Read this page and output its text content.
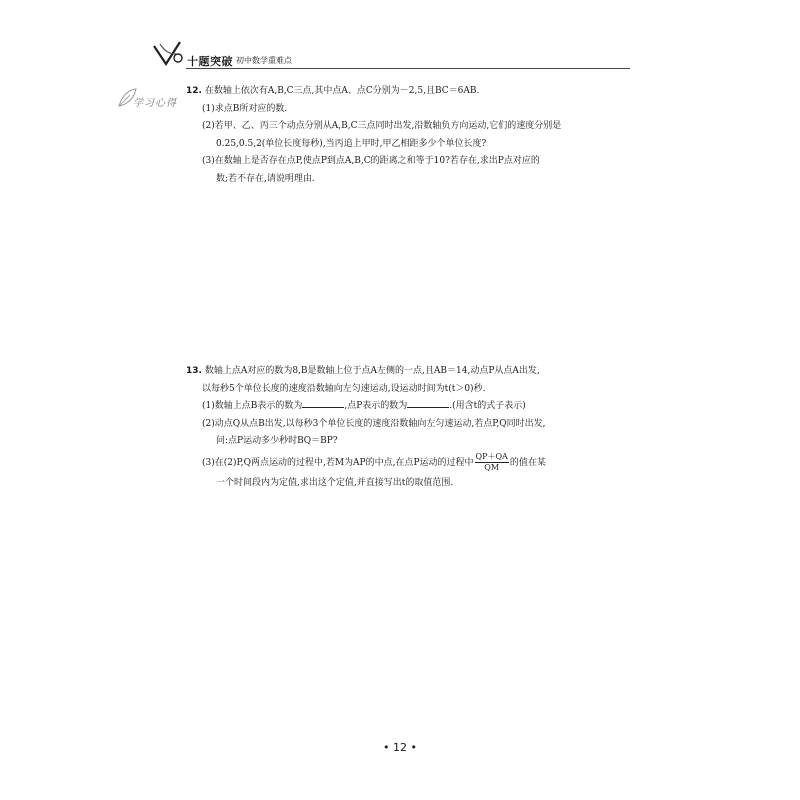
十题突破 初中数学重难点
学习心得
12. 在数轴上依次有A,B,C三点,其中点A、点C分别为－2,5,且BC＝6AB.
(1)求点B所对应的数.
(2)若甲、乙、丙三个动点分别从A,B,C三点同时出发,沿数轴负方向运动,它们的速度分别是
0.25,0.5,2(单位长度每秒),当丙追上甲时,甲乙相距多少个单位长度?
(3)在数轴上是否存在点P,使点P到点A,B,C的距离之和等于10?若存在,求出P点对应的
数;若不存在,请说明理由.
13. 数轴上点A对应的数为8,B是数轴上位于点A左侧的一点,且AB＝14,动点P从点A出发,
以每秒5个单位长度的速度沿数轴向左匀速运动,设运动时间为t(t＞0)秒.
(1)数轴上点B表示的数为	,点P表示的数为	.(用含t的式子表示)
(2)动点Q从点B出发,以每秒3个单位长度的速度沿数轴向左匀速运动,若点P,Q同时出发,
问:点P运动多少秒时BQ＝BP?
(3)在(2)P,Q两点运动的过程中,若M为AP的中点,在点P运动的过程中 $\frac{QP+QA}{QM}$ 的值在某
一个时间段内为定值,求出这个定值,并直接写出t的取值范围.
• 12 •
